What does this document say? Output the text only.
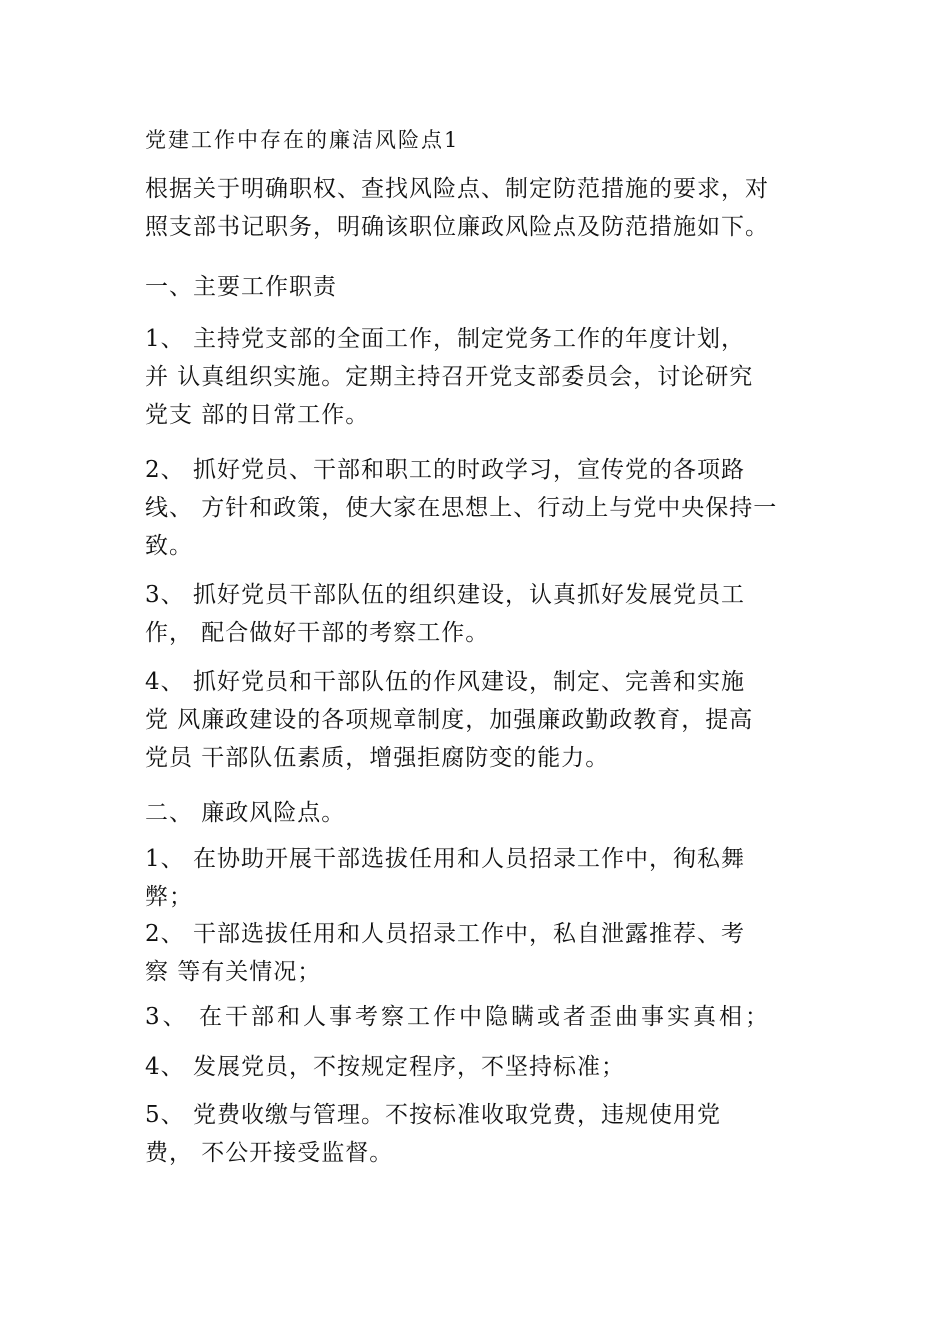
党建工作中存在的廉洁风险点1

根据关于明确职权、查找风险点、制定防范措施的要求，对
照支部书记职务，明确该职位廉政风险点及防范措施如下。

一、主要工作职责

1、 主持党支部的全面工作，制定党务工作的年度计划，
并 认真组织实施。定期主持召开党支部委员会，讨论研究
党支 部的日常工作。

2、 抓好党员、干部和职工的时政学习，宣传党的各项路
线、 方针和政策，使大家在思想上、行动上与党中央保持一
致。

3、 抓好党员干部队伍的组织建设，认真抓好发展党员工
作， 配合做好干部的考察工作。

4、 抓好党员和干部队伍的作风建设，制定、完善和实施
党 风廉政建设的各项规章制度，加强廉政勤政教育，提高
党员 干部队伍素质，增强拒腐防变的能力。

二、 廉政风险点。

1、 在协助开展干部选拔任用和人员招录工作中，徇私舞
弊；

2、 干部选拔任用和人员招录工作中，私自泄露推荐、考
察 等有关情况；

3、 在干部和人事考察工作中隐瞒或者歪曲事实真相；

4、 发展党员，不按规定程序，不坚持标准；

5、 党费收缴与管理。不按标准收取党费，违规使用党
费， 不公开接受监督。
